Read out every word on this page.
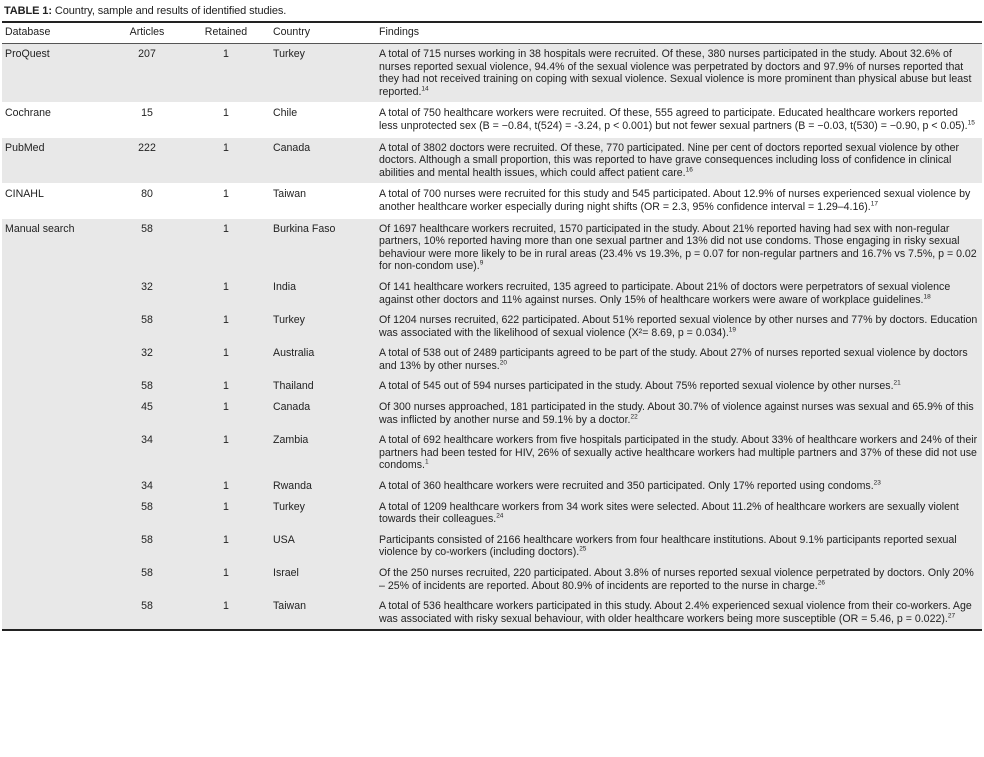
TABLE 1: Country, sample and results of identified studies.
Database	Articles	Retained	Country	Findings
ProQuest	207	1	Turkey	A total of 715 nurses working in 38 hospitals were recruited. Of these, 380 nurses participated in the study. About 32.6% of nurses reported sexual violence, 94.4% of the sexual violence was perpetrated by doctors and 97.9% of nurses reported that they had not received training on coping with sexual violence. Sexual violence is more prominent than physical abuse but least reported.$^{14}$
Cochrane	15	1	Chile	A total of 750 healthcare workers were recruited. Of these, 555 agreed to participate. Educated healthcare workers reported less unprotected sex (B = −0.84, t(524) = -3.24, p < 0.001) but not fewer sexual partners (B = −0.03, t(530) = −0.90, p < 0.05).$^{15}$
PubMed	222	1	Canada	A total of 3802 doctors were recruited. Of these, 770 participated. Nine per cent of doctors reported sexual violence by other doctors. Although a small proportion, this was reported to have grave consequences including loss of confidence in clinical abilities and mental health issues, which could affect patient care.$^{16}$
CINAHL	80	1	Taiwan	A total of 700 nurses were recruited for this study and 545 participated. About 12.9% of nurses experienced sexual violence by another healthcare worker especially during night shifts (OR = 2.3, 95% confidence interval = 1.29–4.16).$^{17}$
Manual search	58	1	Burkina Faso	Of 1697 healthcare workers recruited, 1570 participated in the study. About 21% reported having had sex with non-regular partners, 10% reported having more than one sexual partner and 13% did not use condoms. Those engaging in risky sexual behaviour were more likely to be in rural areas (23.4% vs 19.3%, p = 0.07 for non-regular partners and 16.7% vs 7.5%, p = 0.02 for non-condom use).$^9$
	32	1	India	Of 141 healthcare workers recruited, 135 agreed to participate. About 21% of doctors were perpetrators of sexual violence against other doctors and 11% against nurses. Only 15% of healthcare workers were aware of workplace guidelines.$^{18}$
	58	1	Turkey	Of 1204 nurses recruited, 622 participated. About 51% reported sexual violence by other nurses and 77% by doctors. Education was associated with the likelihood of sexual violence (X²= 8.69, p = 0.034).$^{19}$
	32	1	Australia	A total of 538 out of 2489 participants agreed to be part of the study. About 27% of nurses reported sexual violence by doctors and 13% by other nurses.$^{20}$
	58	1	Thailand	A total of 545 out of 594 nurses participated in the study. About 75% reported sexual violence by other nurses.$^{21}$
	45	1	Canada	Of 300 nurses approached, 181 participated in the study. About 30.7% of violence against nurses was sexual and 65.9% of this was inflicted by another nurse and 59.1% by a doctor.$^{22}$
	34	1	Zambia	A total of 692 healthcare workers from five hospitals participated in the study. About 33% of healthcare workers and 24% of their partners had been tested for HIV, 26% of sexually active healthcare workers had multiple partners and 37% of these did not use condoms.$^1$
	34	1	Rwanda	A total of 360 healthcare workers were recruited and 350 participated. Only 17% reported using condoms.$^{23}$
	58	1	Turkey	A total of 1209 healthcare workers from 34 work sites were selected. About 11.2% of healthcare workers are sexually violent towards their colleagues.$^{24}$
	58	1	USA	Participants consisted of 2166 healthcare workers from four healthcare institutions. About 9.1% participants reported sexual violence by co-workers (including doctors).$^{25}$
	58	1	Israel	Of the 250 nurses recruited, 220 participated. About 3.8% of nurses reported sexual violence perpetrated by doctors. Only 20% – 25% of incidents are reported. About 80.9% of incidents are reported to the nurse in charge.$^{26}$
	58	1	Taiwan	A total of 536 healthcare workers participated in this study. About 2.4% experienced sexual violence from their co-workers. Age was associated with risky sexual behaviour, with older healthcare workers being more susceptible (OR = 5.46, p = 0.022).$^{27}$
